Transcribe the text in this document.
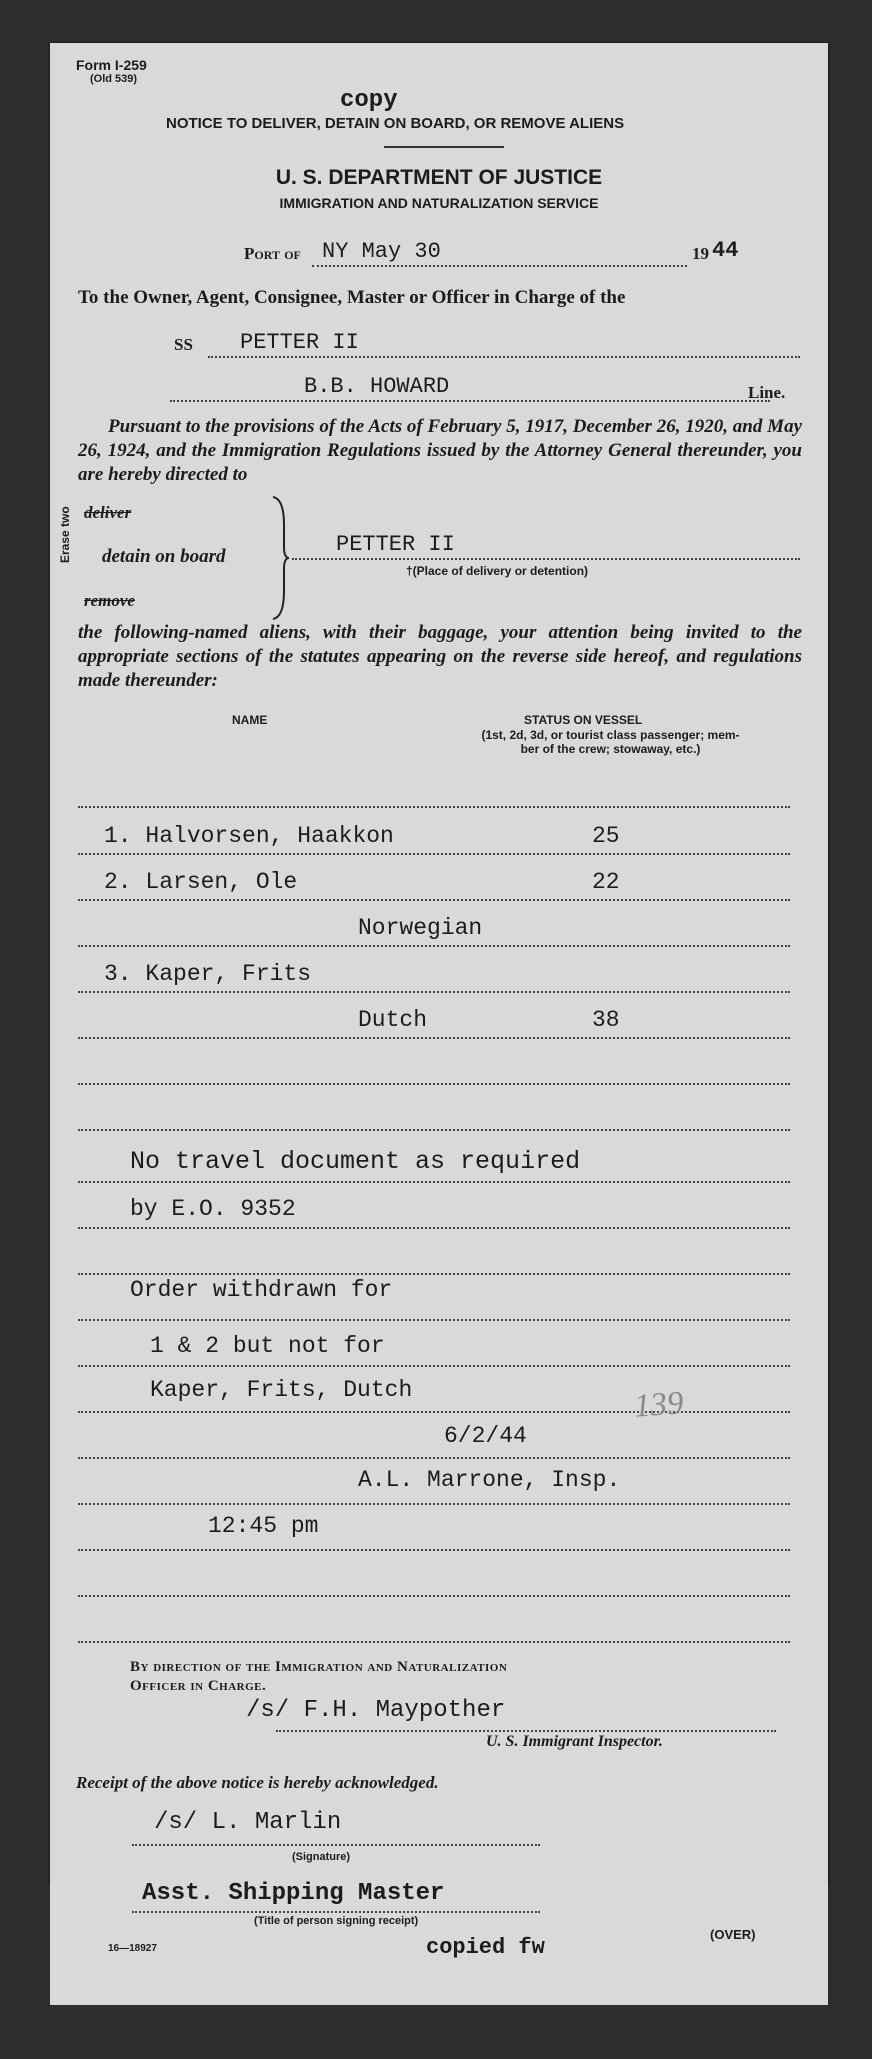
Form I-259
(Old 539)
copy
NOTICE TO DELIVER, DETAIN ON BOARD, OR REMOVE ALIENS
U. S. DEPARTMENT OF JUSTICE
IMMIGRATION AND NATURALIZATION SERVICE
Port of NY May 30	19 44
To the Owner, Agent, Consignee, Master or Officer in Charge of the
SS PETTER II
B.B. HOWARD	Line.
Pursuant to the provisions of the Acts of February 5, 1917, December 26, 1920, and May 26, 1924, and the Immigration Regulations issued by the Attorney General thereunder, you are hereby directed to
Erase two deliver
detain on board
remove
PETTER II
†(Place of delivery or detention)
the following-named aliens, with their baggage, your attention being invited to the appropriate sections of the statutes appearing on the reverse side hereof, and regulations made thereunder:
NAME	STATUS ON VESSEL
(1st, 2d, 3d, or tourist class passenger; mem-
ber of the crew; stowaway, etc.)
1. Halvorsen, Haakkon	25
2. Larsen, Ole	22
Norwegian
3. Kaper, Frits
Dutch	38
No travel document as required
by E.O. 9352
Order withdrawn for
1 & 2 but not for
Kaper, Frits, Dutch
6/2/44
A.L. Marrone, Insp.
12:45 pm
139
By direction of the Immigration and Naturalization
Officer in Charge.
/s/ F.H. Maypother
U. S. Immigrant Inspector.
Receipt of the above notice is hereby acknowledged.
/s/ L. Marlin
(Signature)
Asst. Shipping Master
(Title of person signing receipt)
16—18927	copied fw
(OVER)
